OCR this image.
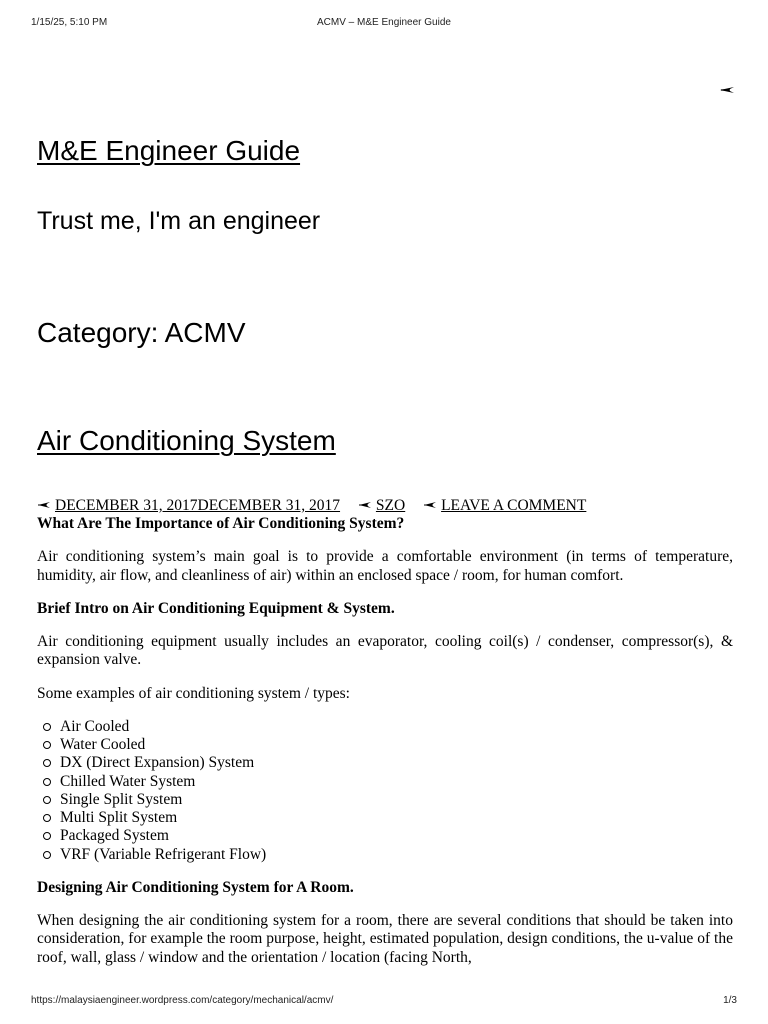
1/15/25, 5:10 PM	ACMV – M&E Engineer Guide
M&E Engineer Guide

Trust me, I'm an engineer

Category: ACMV
Air Conditioning System
DECEMBER 31, 2017DECEMBER 31, 2017 SZO LEAVE A COMMENT

What Are The Importance of Air Conditioning System?

Air conditioning system’s main goal is to provide a comfortable environment (in terms of temperature, humidity, air flow, and cleanliness of air) within an enclosed space / room, for human comfort.

Brief Intro on Air Conditioning Equipment & System.

Air conditioning equipment usually includes an evaporator, cooling coil(s) / condenser, compressor(s), & expansion valve.

Some examples of air conditioning system / types:

Air Cooled
Water Cooled
DX (Direct Expansion) System
Chilled Water System
Single Split System
Multi Split System
Packaged System
VRF (Variable Refrigerant Flow)

Designing Air Conditioning System for A Room.

When designing the air conditioning system for a room, there are several conditions that should be taken into consideration, for example the room purpose, height, estimated population, design conditions, the u-value of the roof, wall, glass / window and the orientation / location (facing North,

https://malaysiaengineer.wordpress.com/category/mechanical/acmv/	1/3
